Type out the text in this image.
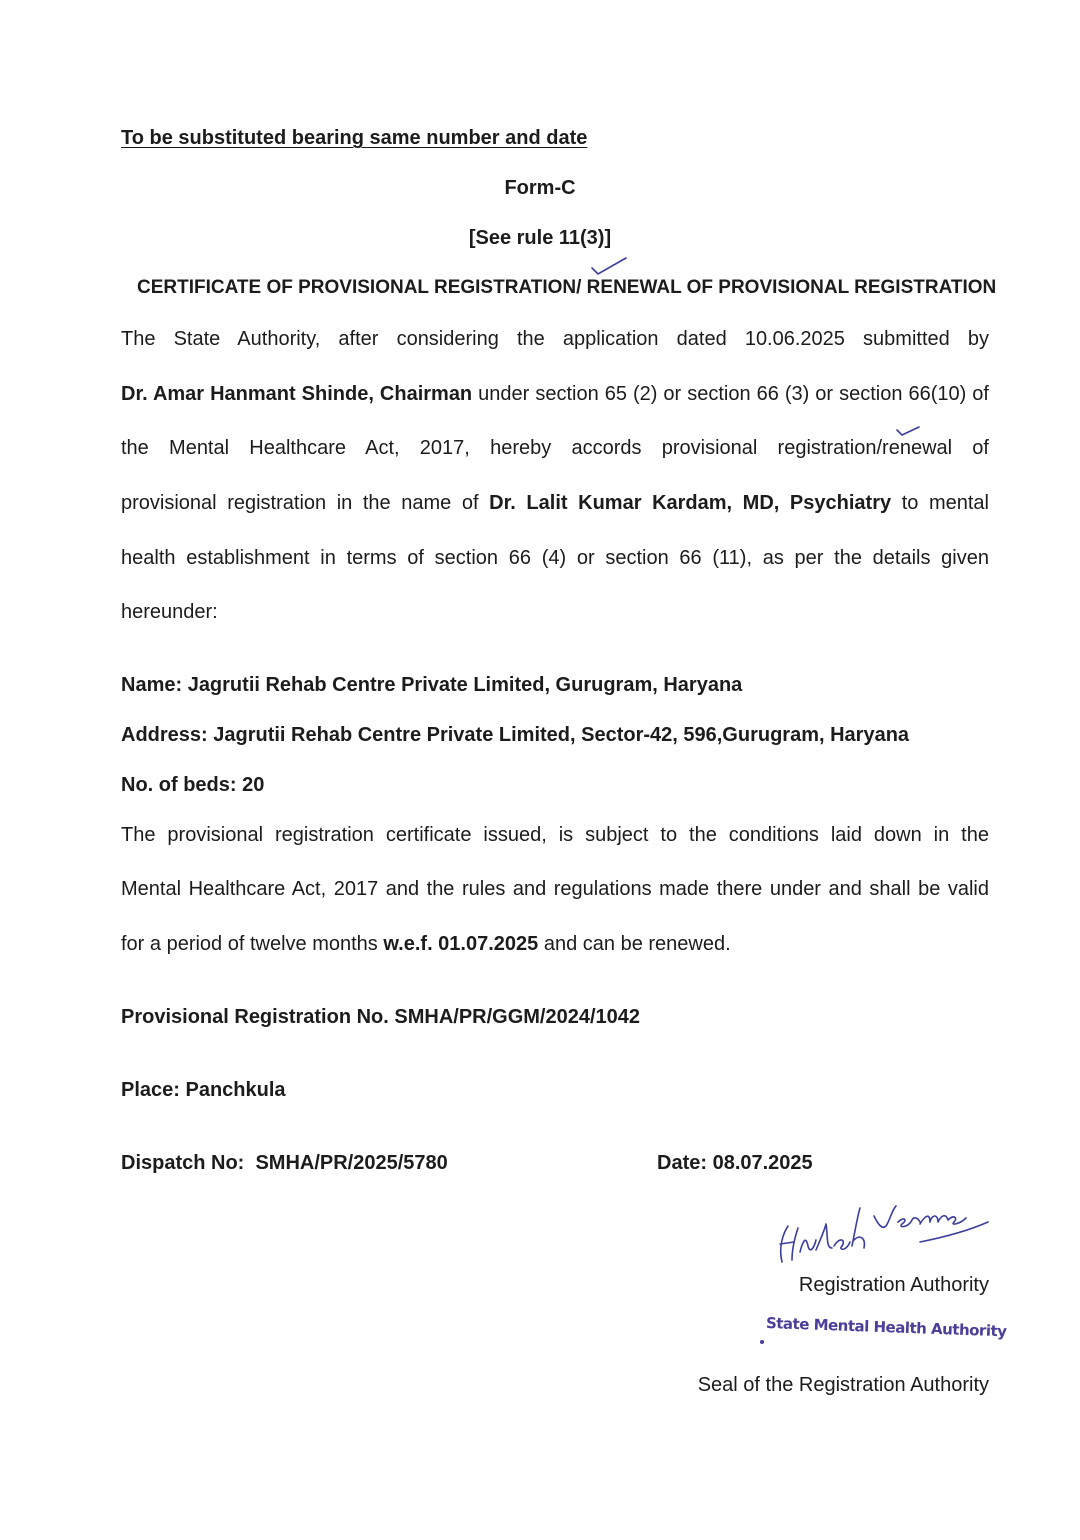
To be substituted bearing same number and date
Form-C
[See rule 11(3)]
CERTIFICATE OF PROVISIONAL REGISTRATION/ RENEWAL OF PROVISIONAL REGISTRATION
The State Authority, after considering the application dated 10.06.2025 submitted by
Dr. Amar Hanmant Shinde, Chairman under section 65 (2) or section 66 (3) or section 66(10) of
the Mental Healthcare Act, 2017, hereby accords provisional registration/renewal of
provisional registration in the name of Dr. Lalit Kumar Kardam, MD, Psychiatry to mental
health establishment in terms of section 66 (4) or section 66 (11), as per the details given
hereunder:
Name: Jagrutii Rehab Centre Private Limited, Gurugram, Haryana
Address: Jagrutii Rehab Centre Private Limited, Sector-42, 596,Gurugram, Haryana
No. of beds: 20
The provisional registration certificate issued, is subject to the conditions laid down in the
Mental Healthcare Act, 2017 and the rules and regulations made there under and shall be valid
for a period of twelve months w.e.f. 01.07.2025 and can be renewed.
Provisional Registration No. SMHA/PR/GGM/2024/1042
Place: Panchkula
Dispatch No:  SMHA/PR/2025/5780	Date: 08.07.2025
Hitesh Verma
Registration Authority
State Mental Health Authority
Seal of the Registration Authority
